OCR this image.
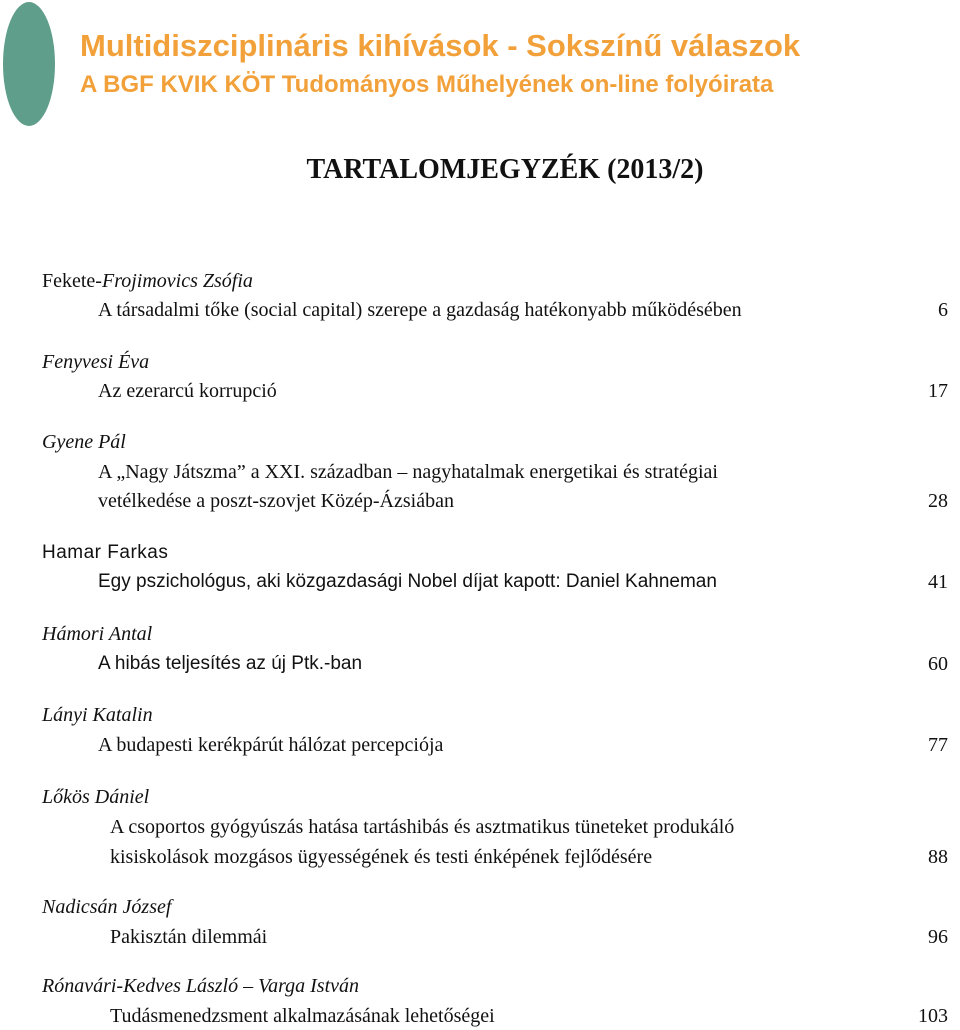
Multidiszciplináris kihívások - Sokszínű válaszok
A BGF KVIK KÖT Tudományos Műhelyének on-line folyóirata
TARTALOMJEGYZÉK (2013/2)
Fekete-Frojimovics Zsófia
A társadalmi tőke (social capital) szerepe a gazdaság hatékonyabb működésében	6
Fenyvesi Éva
Az ezerarcú korrupció	17
Gyene Pál
A „Nagy Játszma” a XXI. században – nagyhatalmak energetikai és stratégiai
vetélkedése a poszt-szovjet Közép-Ázsiában	28
Hamar Farkas
Egy pszichológus, aki közgazdasági Nobel díjat kapott: Daniel Kahneman	41
Hámori Antal
A hibás teljesítés az új Ptk.-ban	60
Lányi Katalin
A budapesti kerékpárút hálózat percepciója	77
Lőkös Dániel
A csoportos gyógyúszás hatása tartáshibás és asztmatikus tüneteket produkáló
kisiskolások mozgásos ügyességének és testi énképének fejlődésére	88
Nadicsán József
Pakisztán dilemmái	96
Rónavári-Kedves László – Varga István
Tudásmenedzsment alkalmazásának lehetőségei	103
